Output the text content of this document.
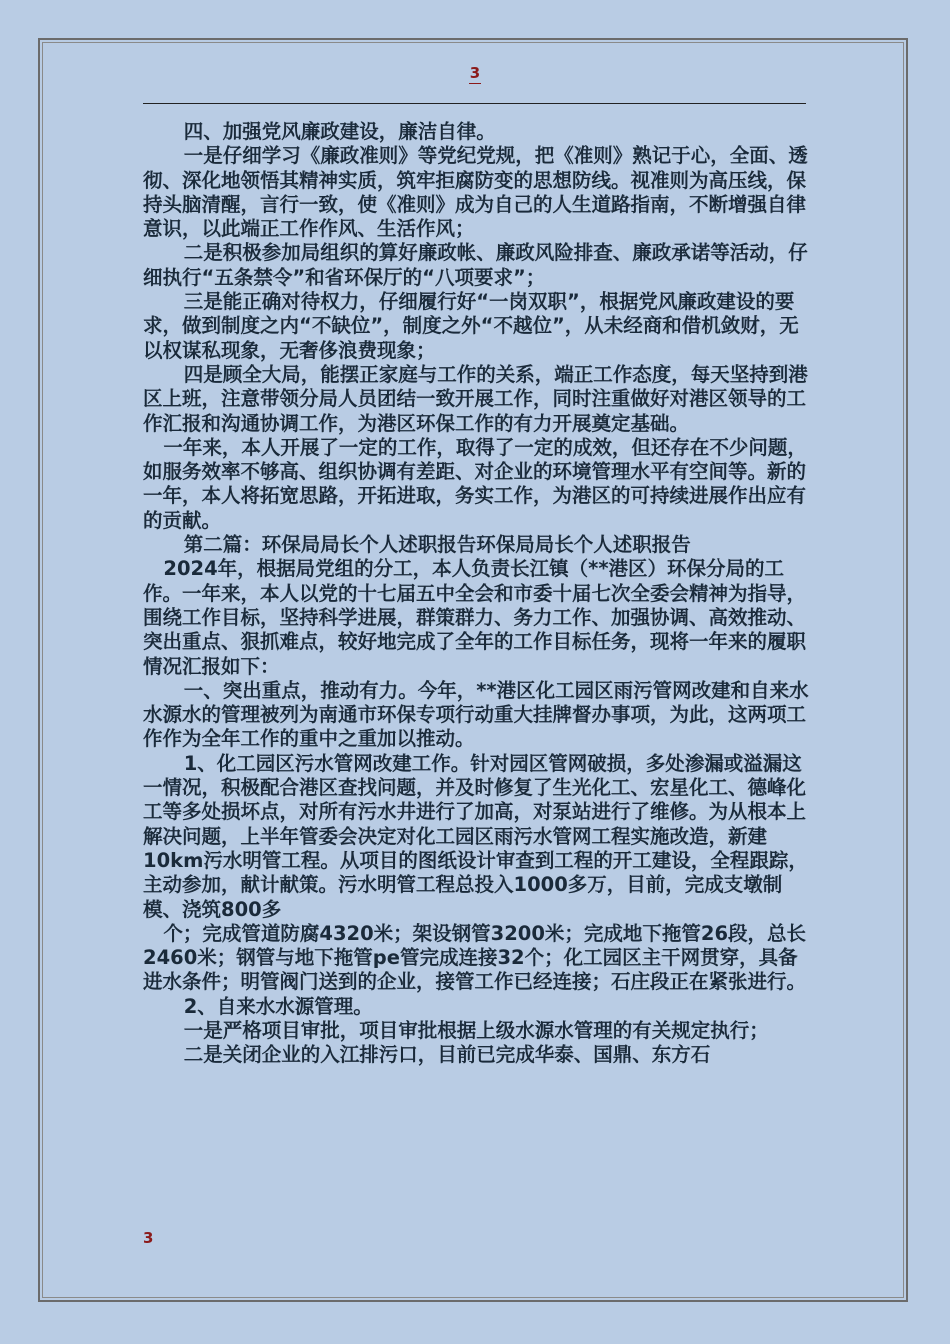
3

四、加强党风廉政建设，廉洁自律。

一是仔细学习《廉政准则》等党纪党规，把《准则》熟记于心，全面、透彻、深化地领悟其精神实质，筑牢拒腐防变的思想防线。视准则为高压线，保持头脑清醒，言行一致，使《准则》成为自己的人生道路指南，不断增强自律意识，以此端正工作作风、生活作风；

二是积极参加局组织的算好廉政帐、廉政风险排查、廉政承诺等活动，仔细执行“五条禁令”和省环保厅的“八项要求”；

三是能正确对待权力，仔细履行好“一岗双职”，根据党风廉政建设的要求，做到制度之内“不缺位”，制度之外“不越位”，从未经商和借机敛财，无以权谋私现象，无奢侈浪费现象；

四是顾全大局，能摆正家庭与工作的关系，端正工作态度，每天坚持到港区上班，注意带领分局人员团结一致开展工作，同时注重做好对港区领导的工作汇报和沟通协调工作，为港区环保工作的有力开展奠定基础。

一年来，本人开展了一定的工作，取得了一定的成效，但还存在不少问题，如服务效率不够高、组织协调有差距、对企业的环境管理水平有空间等。新的一年，本人将拓宽思路，开拓进取，务实工作，为港区的可持续进展作出应有的贡献。

第二篇：环保局局长个人述职报告环保局局长个人述职报告

2024年，根据局党组的分工，本人负责长江镇（**港区）环保分局的工作。一年来，本人以党的十七届五中全会和市委十届七次全委会精神为指导，围绕工作目标，坚持科学进展，群策群力、务力工作、加强协调、高效推动、突出重点、狠抓难点，较好地完成了全年的工作目标任务，现将一年来的履职情况汇报如下：

一、突出重点，推动有力。今年，**港区化工园区雨污管网改建和自来水水源水的管理被列为南通市环保专项行动重大挂牌督办事项，为此，这两项工作作为全年工作的重中之重加以推动。

1、化工园区污水管网改建工作。针对园区管网破损，多处渗漏或溢漏这一情况，积极配合港区查找问题，并及时修复了生光化工、宏星化工、德峰化工等多处损坏点，对所有污水井进行了加高，对泵站进行了维修。为从根本上解决问题，上半年管委会决定对化工园区雨污水管网工程实施改造，新建10km污水明管工程。从项目的图纸设计审查到工程的开工建设，全程跟踪，主动参加，献计献策。污水明管工程总投入1000多万，目前，完成支墩制模、浇筑800多

个；完成管道防腐4320米；架设钢管3200米；完成地下拖管26段，总长2460米；钢管与地下拖管pe管完成连接32个；化工园区主干网贯穿，具备进水条件；明管阀门送到的企业，接管工作已经连接；石庄段正在紧张进行。

2、自来水水源管理。

一是严格项目审批，项目审批根据上级水源水管理的有关规定执行；

二是关闭企业的入江排污口，目前已完成华泰、国鼎、东方石

3
